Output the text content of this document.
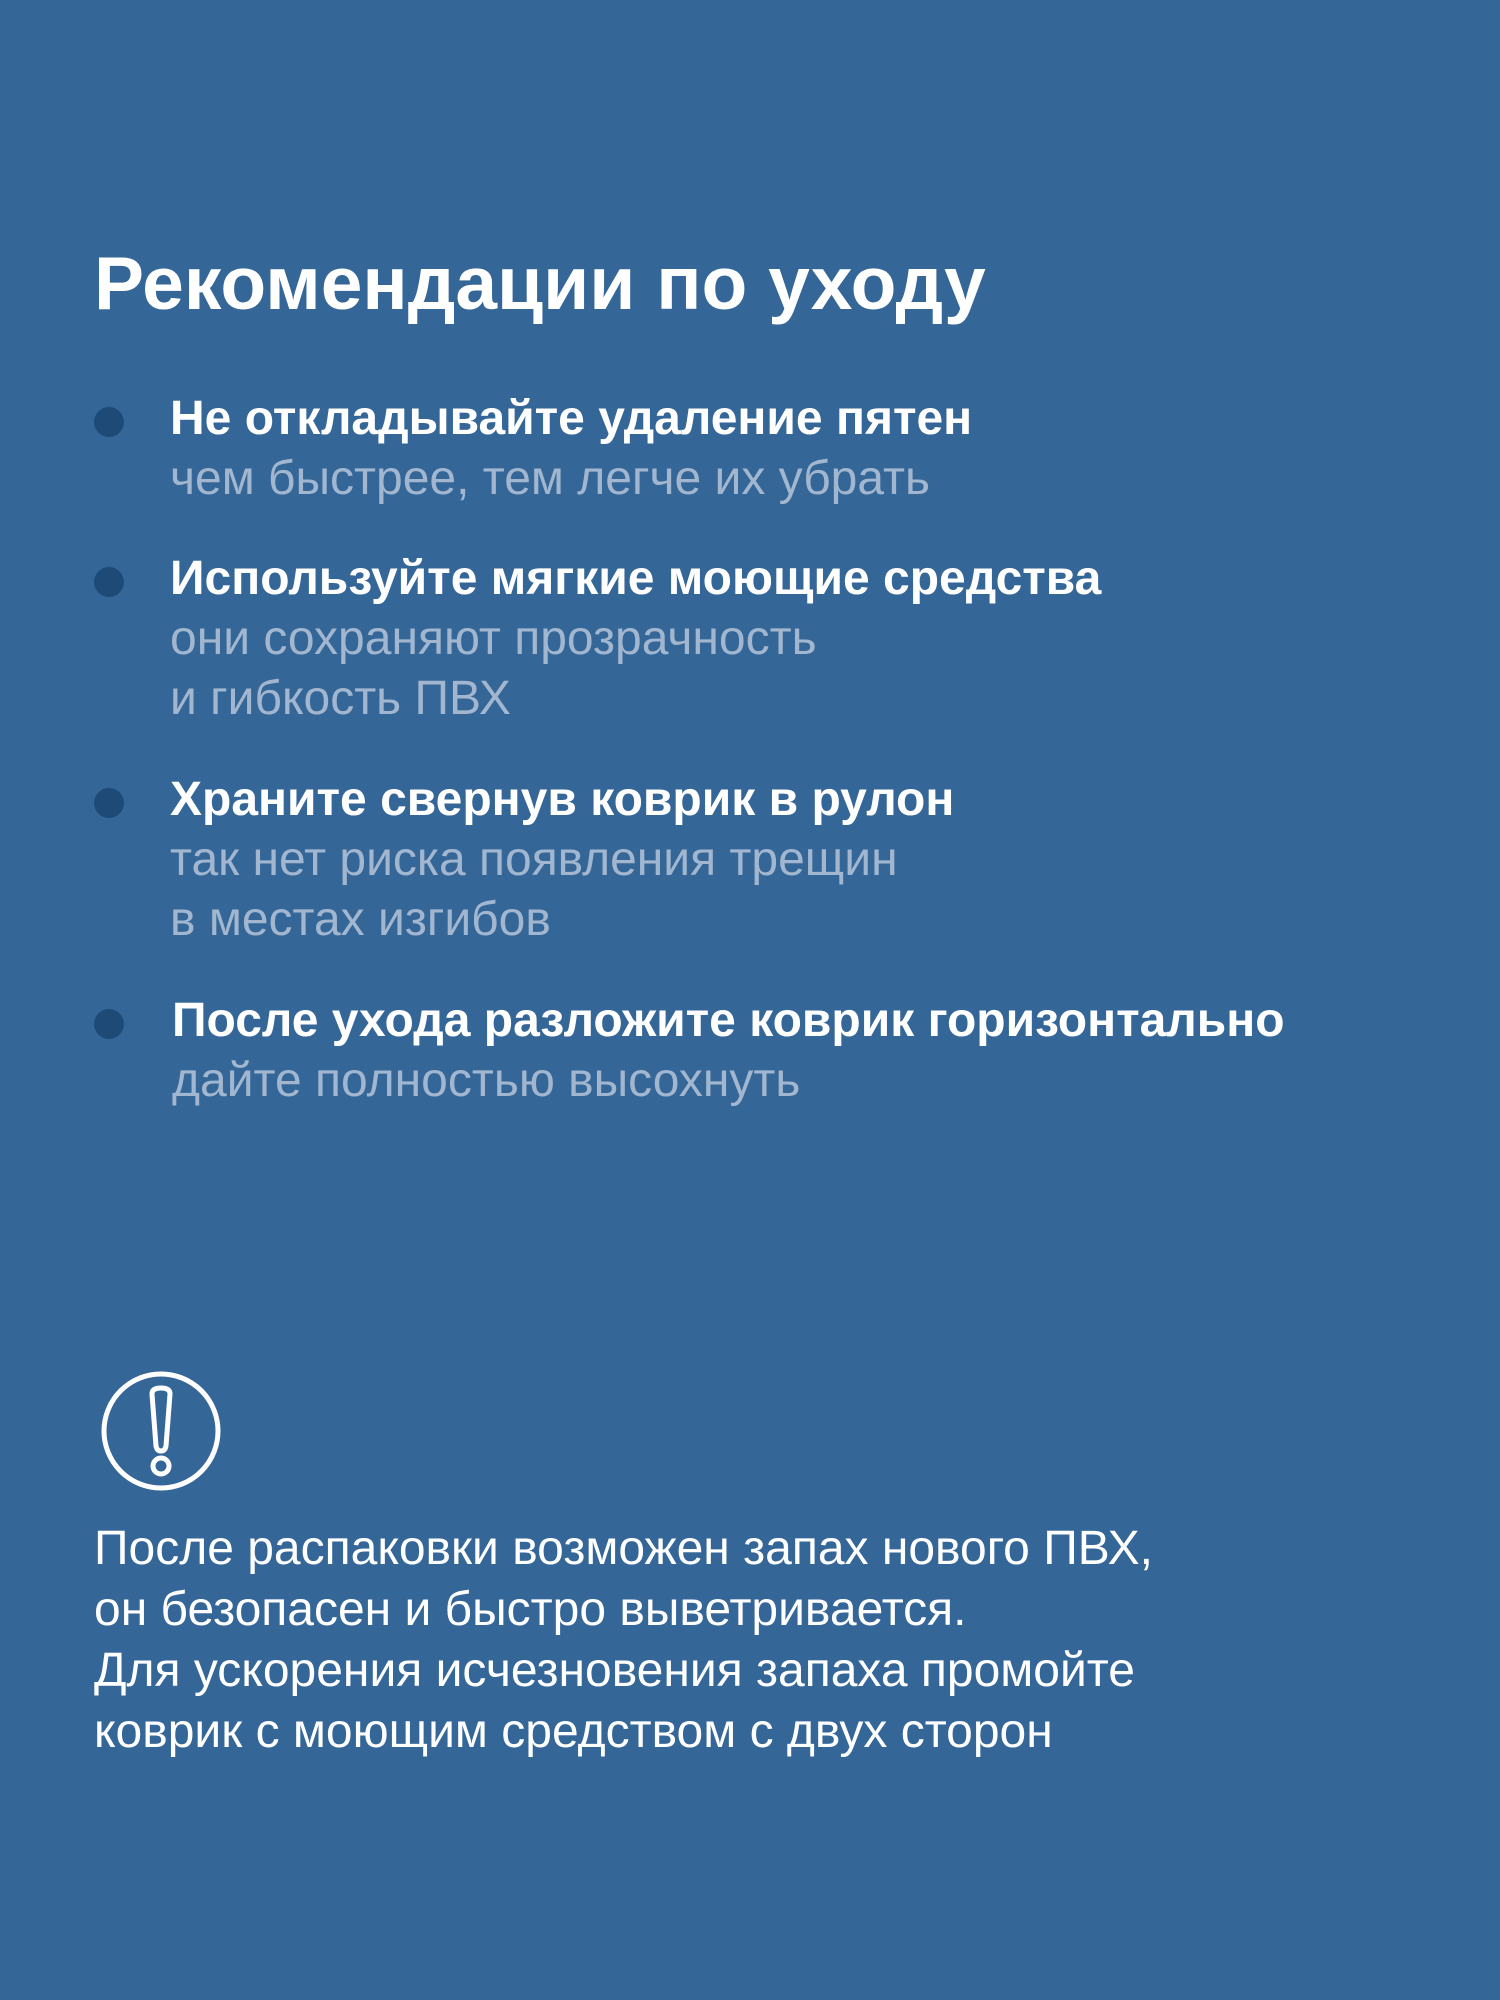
Рекомендации по уходу
Не откладывайте удаление пятен
чем быстрее, тем легче их убрать
Используйте мягкие моющие средства
они сохраняют прозрачность
и гибкость ПВХ
Храните свернув коврик в рулон
так нет риска появления трещин
в местах изгибов
После ухода разложите коврик горизонтально
дайте полностью высохнуть

После распаковки возможен запах нового ПВХ,
он безопасен и быстро выветривается.
Для ускорения исчезновения запаха промойте
коврик с моющим средством с двух сторон
